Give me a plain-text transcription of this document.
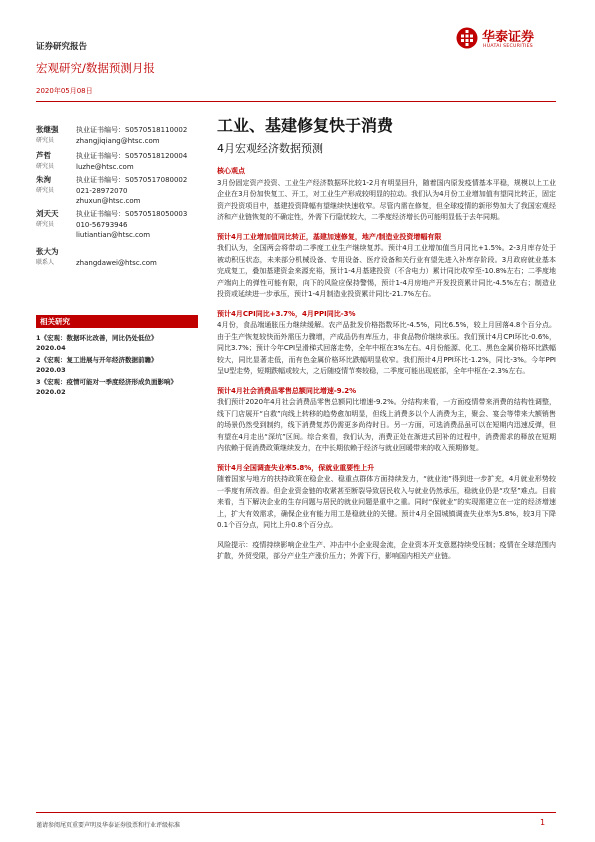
证券研究报告
宏观研究/数据预测月报
2020年05月08日
华泰证券
HUATAI SECURITIES
张继强
研究员
执业证书编号：S0570518110002
zhangjiqiang@htsc.com
芦哲
研究员
执业证书编号：S0570518120004
luzhe@htsc.com
朱洵
研究员
执业证书编号：S0570517080002
021-28972070
zhuxun@htsc.com
刘天天
研究员
执业证书编号：S0570518050003
010-56793946
liutiantian@htsc.com
张大为
联系人
	zhangdawei@htsc.com
相关研究
1《宏观：数据环比改善，同比仍处低位》
2020.04
2《宏观：复工进展与开年经济数据前瞻》
2020.03
3《宏观：疫情可能对一季度经济形成负面影响》
2020.02
工业、基建修复快于消费
4月宏观经济数据预测
核心观点

3月份固定资产投资、工业生产经济数据环比较1-2月有明显回升，随着国内原发疫情基本平稳，规模以上工业企业在3月份加快复工、开工，对工业生产形成较明显的拉动。我们认为4月份工业增加值有望同比转正，固定资产投资项目中，基建投资降幅有望继续快速收窄。尽管内需在修复，但全球疫情的新形势加大了我国宏观经济和产业链恢复的不确定性，外需下行隐忧较大，二季度经济增长仍可能明显低于去年同期。

预计4月工业增加值同比转正，基建加速修复，地产/制造业投资增幅有限

我们认为，全国两会将带动二季度工业生产继续复苏。预计4月工业增加值当月同比+1.5%。2-3月库存处于被动积压状态，未来部分机械设备、专用设备、医疗设备和关行业有望先进入补库存阶段。3月政府就业基本完成复工，叠加基建资金来源充裕，预计1-4月基建投资（不含电力）累计同比收窄至-10.8%左右；二季度地产端向上的弹性可能有限，向下的风险应保持警惕，预计1-4月房地产开发投资累计同比-4.5%左右；制造业投资或延续进一步承压，预计1-4月制造业投资累计同比-21.7%左右。

预计4月CPI同比+3.7%，4月PPI同比-3%

4月份，食品端通胀压力继续缓解。农产品批发价格指数环比-4.5%，同比6.5%，较上月回落4.8个百分点。由于生产恢复较快而外需压力骤增，产成品仍有库压力，非食品物价继续承压。我们预计4月CPI环比-0.6%，同比3.7%；预计今年CPI呈滑梯式回落走势，全年中枢在3%左右。4月份能源、化工、黑色金属价格环比跌幅较大，同比显著走低，而有色金属价格环比跌幅明显收窄。我们预计4月PPI环比-1.2%，同比-3%。今年PPI呈U型走势，短期跌幅或较大，之后随疫情节奏较稳，二季度可能出现底部，全年中枢在-2.3%左右。

预计4月社会消费品零售总额同比增速-9.2%

我们预计2020年4月社会消费品零售总额同比增速-9.2%。分结构来看，一方面疫情带来消费的结构性调整，线下门店展开“自救”向线上转移的趋势愈加明显，但线上消费多以个人消费为主，聚会、宴会等带来大额销售的场景仍然受到制约，线下消费复苏仍需更多尚待时日。另一方面，可选消费品虽可以在短期内迅速反弹，但有望在4月走出“深坑”区间。综合来看，我们认为，消费正处在渐进式回补的过程中，消费需求的释放在短期内依赖于促消费政策继续发力，在中长期依赖于经济与就业回暖带来的收入预期修复。

预计4月全国调查失业率5.8%，保就业重要性上升

随着国家与地方的扶持政策在稳企业、稳重点群体方面持续发力，“就业池”得到进一步扩充，4月就业形势较一季度有所改善。但企业资金链的收紧甚至断裂导致居民收入与就业仍然承压，稳就业仍是“攻坚”难点。目前来看，当下解决企业的生存问题与居民的就业问题是重中之重。同时“保就业”的实现需建立在一定的经济增速上，扩大有效需求，确保企业有能力用工是稳就业的关键。预计4月全国城镇调查失业率为5.8%，较3月下降0.1个百分点，同比上升0.8个百分点。

风险提示：疫情持续影响企业生产、冲击中小企业现金流，企业资本开支意愿持续受压制；疫情在全球范围内扩散，外贸受限，部分产业生产涨价压力；外需下行，影响国内相关产业链。

谨请参阅尾页重要声明及华泰证券股票和行业评级标准	1
